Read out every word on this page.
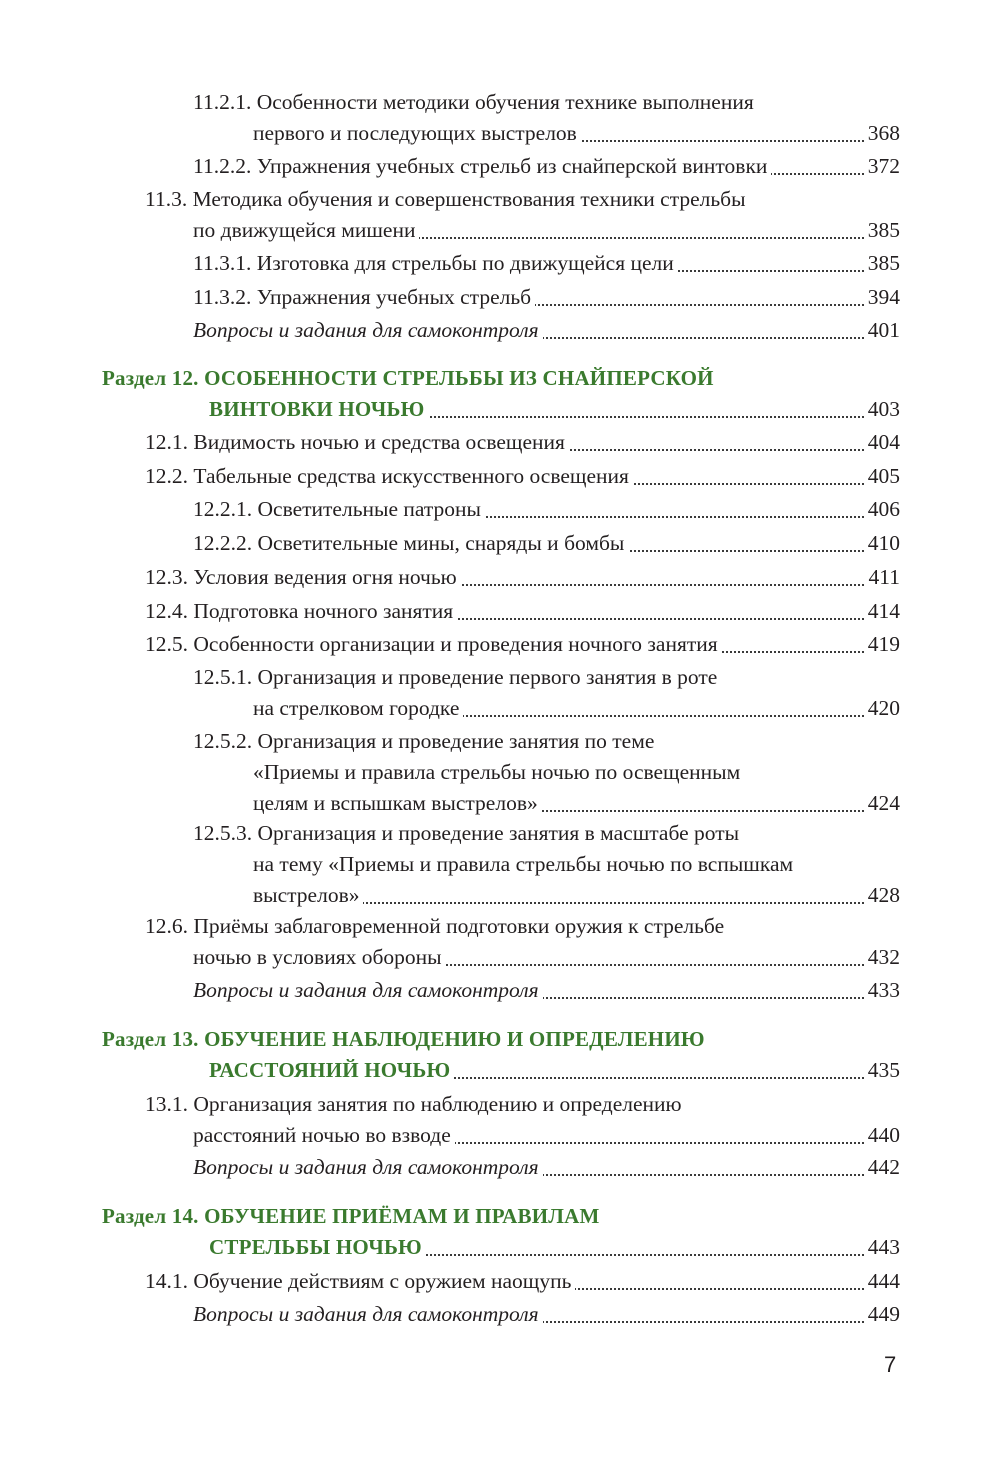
11.2.1. Особенности методики обучения технике выполнения
первого и последующих выстрелов	368
11.2.2. Упражнения учебных стрельб из снайперской винтовки	372
11.3. Методика обучения и совершенствования техники стрельбы
по движущейся мишени	385
11.3.1. Изготовка для стрельбы по движущейся цели	385
11.3.2. Упражнения учебных стрельб	394
Вопросы и задания для самоконтроля	401
Раздел 12. ОСОБЕННОСТИ СТРЕЛЬБЫ ИЗ СНАЙПЕРСКОЙ
ВИНТОВКИ НОЧЬЮ	403
12.1. Видимость ночью и средства освещения	404
12.2. Табельные средства искусственного освещения	405
12.2.1. Осветительные патроны	406
12.2.2. Осветительные мины, снаряды и бомбы	410
12.3. Условия ведения огня ночью	411
12.4. Подготовка ночного занятия	414
12.5. Особенности организации и проведения ночного занятия	419
12.5.1. Организация и проведение первого занятия в роте
на стрелковом городке	420
12.5.2. Организация и проведение занятия по теме
«Приемы и правила стрельбы ночью по освещенным
целям и вспышкам выстрелов»	424
12.5.3. Организация и проведение занятия в масштабе роты
на тему «Приемы и правила стрельбы ночью по вспышкам
выстрелов»	428
12.6. Приёмы заблаговременной подготовки оружия к стрельбе
ночью в условиях обороны	432
Вопросы и задания для самоконтроля	433
Раздел 13. ОБУЧЕНИЕ НАБЛЮДЕНИЮ И ОПРЕДЕЛЕНИЮ
РАССТОЯНИЙ НОЧЬЮ	435
13.1. Организация занятия по наблюдению и определению
расстояний ночью во взводе	440
Вопросы и задания для самоконтроля	442
Раздел 14. ОБУЧЕНИЕ ПРИЁМАМ И ПРАВИЛАМ
СТРЕЛЬБЫ НОЧЬЮ	443
14.1. Обучение действиям с оружием наощупь	444
Вопросы и задания для самоконтроля	449
7
